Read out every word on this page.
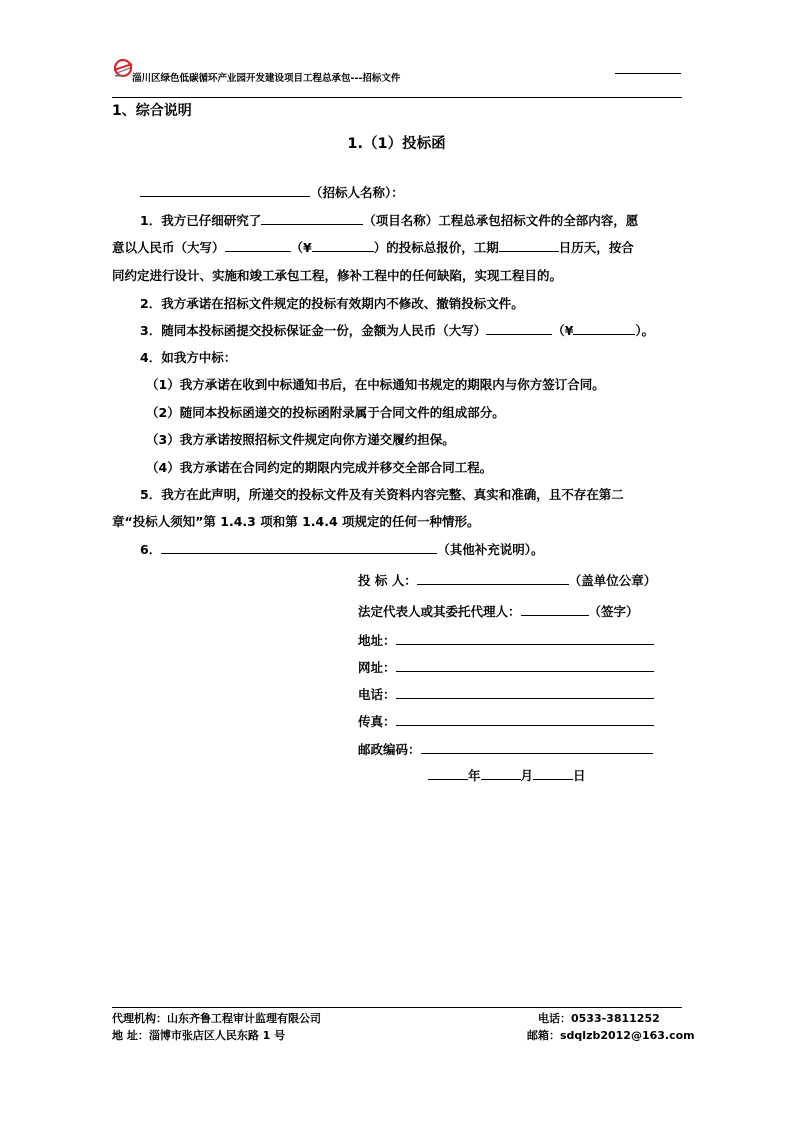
淄川区绿色低碳循环产业园开发建设项目工程总承包---招标文件
1、综合说明
1.（1）投标函
（招标人名称）：
1．我方已仔细研究了	（项目名称）工程总承包招标文件的全部内容，愿
意以人民币（大写）	（¥	）的投标总报价，工期	日历天，按合
同约定进行设计、实施和竣工承包工程，修补工程中的任何缺陷，实现工程目的。
2．我方承诺在招标文件规定的投标有效期内不修改、撤销投标文件。
3．随同本投标函提交投标保证金一份，金额为人民币（大写）	（¥	）。
4．如我方中标：
（1）我方承诺在收到中标通知书后，在中标通知书规定的期限内与你方签订合同。
（2）随同本投标函递交的投标函附录属于合同文件的组成部分。
（3）我方承诺按照招标文件规定向你方递交履约担保。
（4）我方承诺在合同约定的期限内完成并移交全部合同工程。
5．我方在此声明，所递交的投标文件及有关资料内容完整、真实和准确，且不存在第二
章“投标人须知”第 1.4.3 项和第 1.4.4 项规定的任何一种情形。
6．	（其他补充说明）。
投 标 人：	（盖单位公章）
法定代表人或其委托代理人：	（签字）
地址：
网址：
电话：
传真：
邮政编码：
年	月	日
代理机构：山东齐鲁工程审计监理有限公司
地 址：淄博市张店区人民东路 1 号
电话：0533-3811252
邮箱：sdqlzb2012@163.com
